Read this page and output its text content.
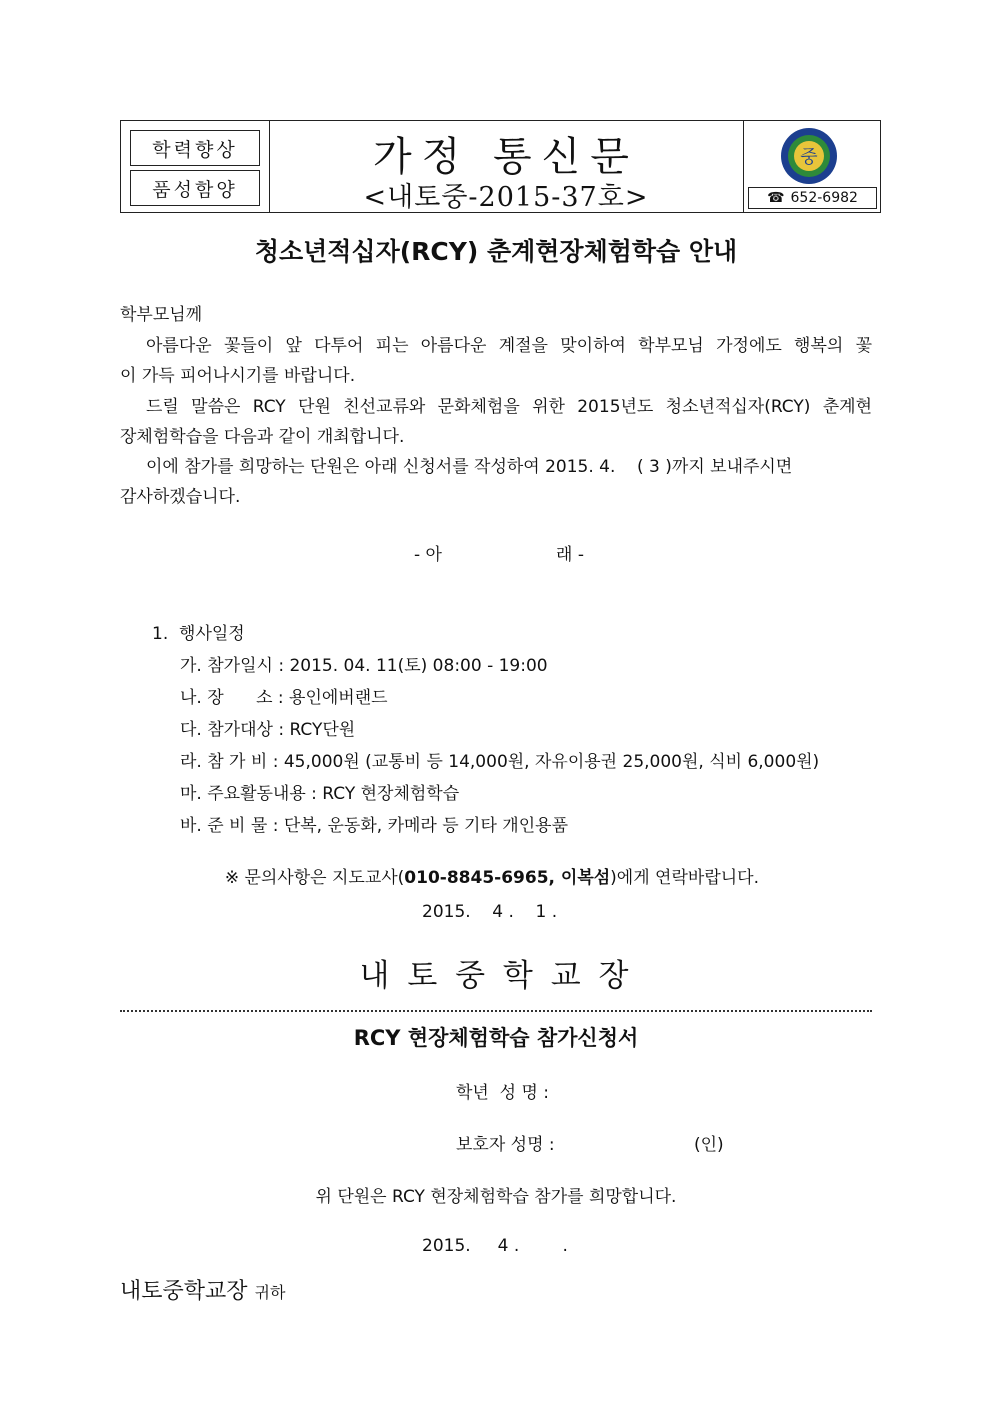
학력향상
품성함양
가정 통신문
<내토중-2015-37호>
중
☎ 652-6982
청소년적십자(RCY) 춘계현장체험학습 안내
학부모님께
아름다운 꽃들이 앞 다투어 피는 아름다운 계절을 맞이하여 학부모님 가정에도 행복의 꽃
이 가득 피어나시기를 바랍니다.
드릴 말씀은 RCY 단원 친선교류와 문화체험을 위한 2015년도 청소년적십자(RCY) 춘계현
장체험학습을 다음과 같이 개최합니다.
이에 참가를 희망하는 단원은 아래 신청서를 작성하여 2015. 4.    ( 3 )까지 보내주시면
감사하겠습니다.
- 아	래 -
1.  행사일정
가. 참가일시 : 2015. 04. 11(토) 08:00 - 19:00
나. 장      소 : 용인에버랜드
다. 참가대상 : RCY단원
라. 참 가 비 : 45,000원 (교통비 등 14,000원, 자유이용권 25,000원, 식비 6,000원)
마. 주요활동내용 : RCY 현장체험학습
바. 준 비 물 : 단복, 운동화, 카메라 등 기타 개인용품

※ 문의사항은 지도교사(010-8845-6965, 이복섬)에게 연락바랍니다.

2015.    4 .    1 .
내 토 중 학 교 장
RCY 현장체험학습 참가신청서
학년  성 명 :
보호자 성명 :	(인)
위 단원은 RCY 현장체험학습 참가를 희망합니다.
2015.     4 .        .
내토중학교장 귀하
